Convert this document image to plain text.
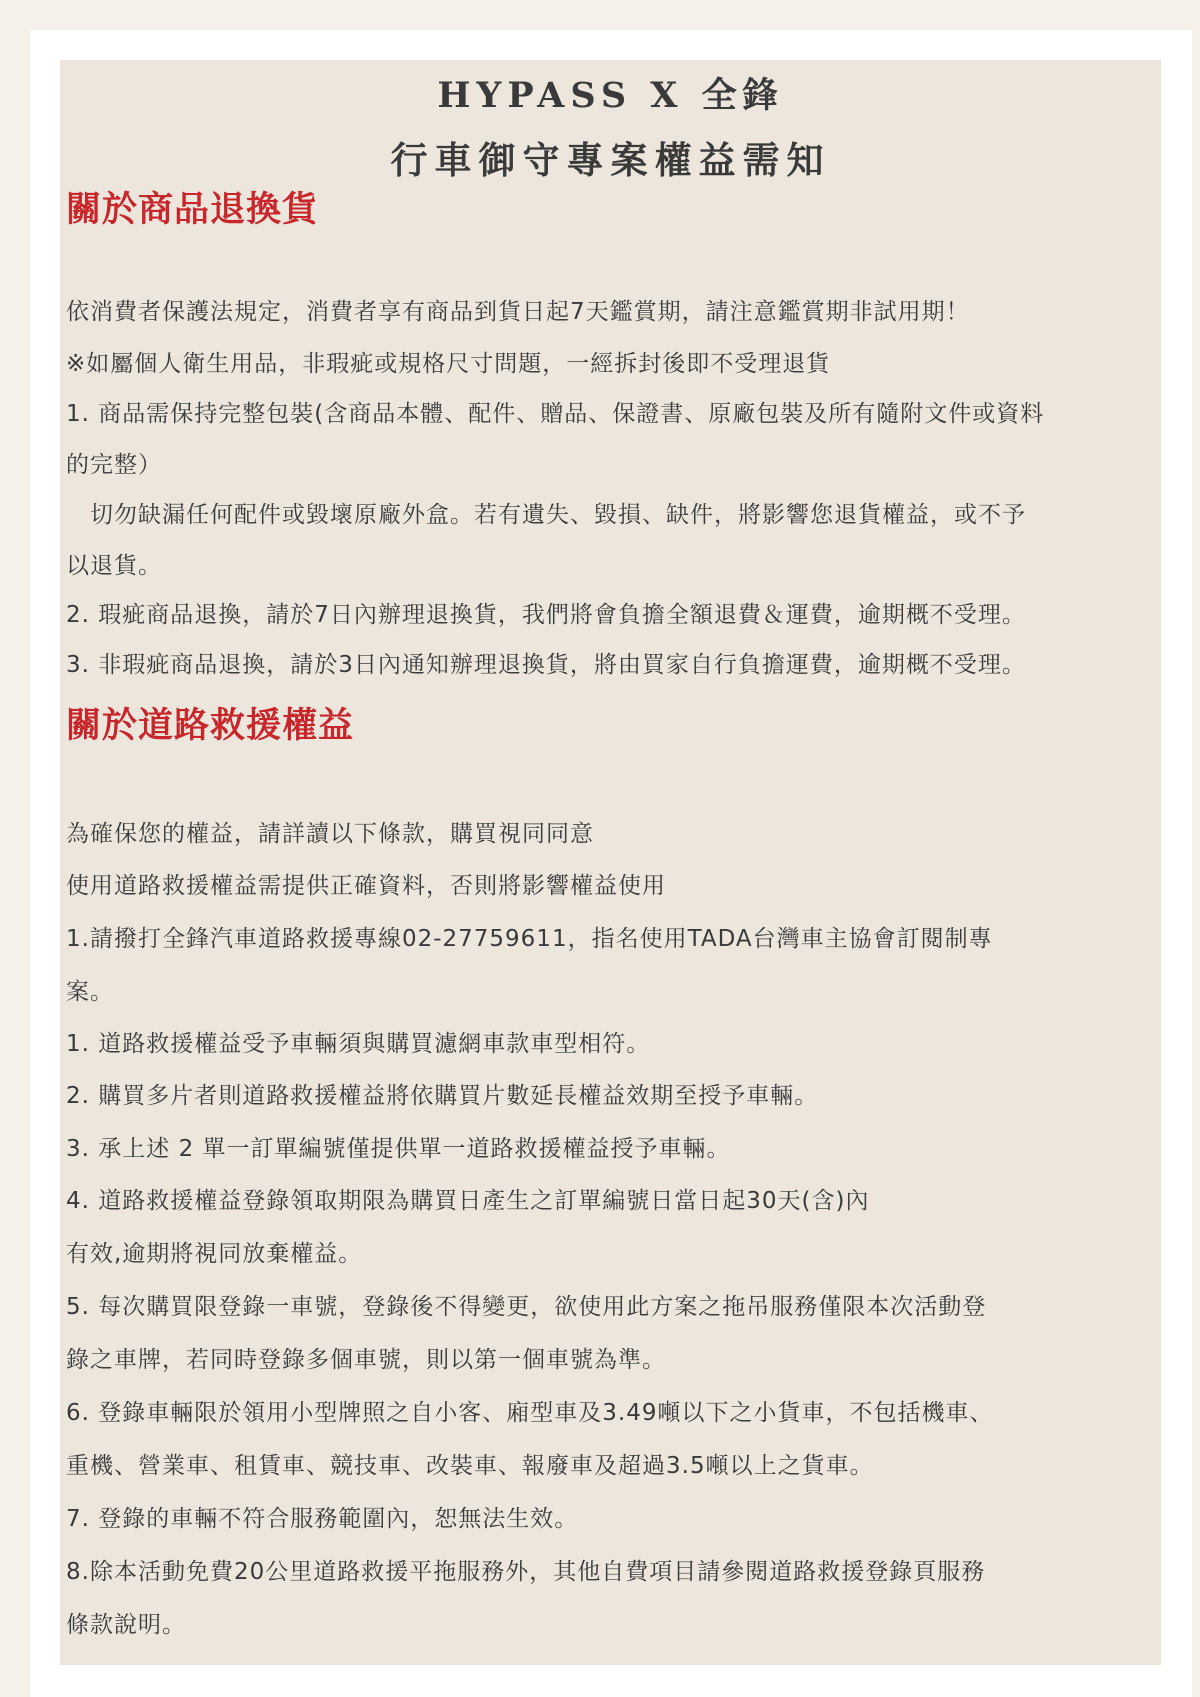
HYPASS X 全鋒
行車御守專案權益需知
關於商品退換貨
依消費者保護法規定，消費者享有商品到貨日起7天鑑賞期，請注意鑑賞期非試用期！
※如屬個人衛生用品，非瑕疵或規格尺寸問題，一經拆封後即不受理退貨
1. 商品需保持完整包裝(含商品本體、配件、贈品、保證書、原廠包裝及所有隨附文件或資料
的完整）
　切勿缺漏任何配件或毀壞原廠外盒。若有遺失、毀損、缺件，將影響您退貨權益，或不予
以退貨。
2. 瑕疵商品退換，請於7日內辦理退換貨，我們將會負擔全額退費＆運費，逾期概不受理。
3. 非瑕疵商品退換，請於3日內通知辦理退換貨，將由買家自行負擔運費，逾期概不受理。
關於道路救援權益
為確保您的權益，請詳讀以下條款，購買視同同意
使用道路救援權益需提供正確資料，否則將影響權益使用
1.請撥打全鋒汽車道路救援專線02-27759611，指名使用TADA台灣車主協會訂閱制專
案。
1. 道路救援權益受予車輛須與購買濾網車款車型相符。
2. 購買多片者則道路救援權益將依購買片數延長權益效期至授予車輛。
3. 承上述 2 單一訂單編號僅提供單一道路救援權益授予車輛。
4. 道路救援權益登錄領取期限為購買日產生之訂單編號日當日起30天(含)內
有效,逾期將視同放棄權益。
5. 每次購買限登錄一車號，登錄後不得變更，欲使用此方案之拖吊服務僅限本次活動登
錄之車牌，若同時登錄多個車號，則以第一個車號為準。
6. 登錄車輛限於領用小型牌照之自小客、廂型車及3.49噸以下之小貨車，不包括機車、
重機、營業車、租賃車、競技車、改裝車、報廢車及超過3.5噸以上之貨車。
7. 登錄的車輛不符合服務範圍內，恕無法生效。
8.除本活動免費20公里道路救援平拖服務外，其他自費項目請參閱道路救援登錄頁服務
條款說明。
